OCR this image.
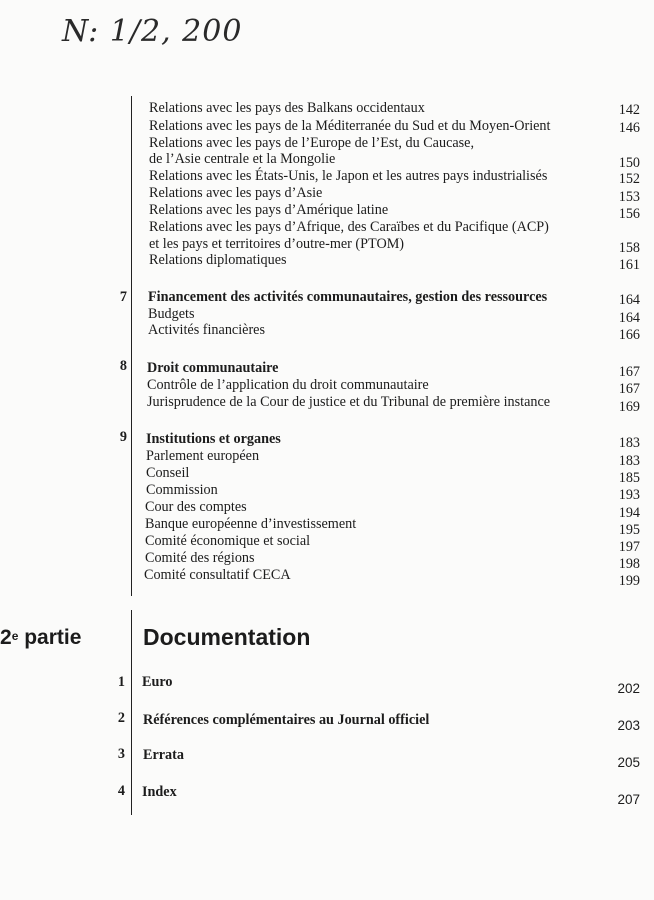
N: 1/2, 200
Relations avec les pays des Balkans occidentaux	142
Relations avec les pays de la Méditerranée du Sud et du Moyen-Orient	146
Relations avec les pays de l’Europe de l’Est, du Caucase,
de l’Asie centrale et la Mongolie	150
Relations avec les États-Unis, le Japon et les autres pays industrialisés	152
Relations avec les pays d’Asie	153
Relations avec les pays d’Amérique latine	156
Relations avec les pays d’Afrique, des Caraïbes et du Pacifique (ACP)
et les pays et territoires d’outre-mer (PTOM)	158
Relations diplomatiques	161
7 Financement des activités communautaires, gestion des ressources	164
Budgets	164
Activités financières	166
8 Droit communautaire	167
Contrôle de l’application du droit communautaire	167
Jurisprudence de la Cour de justice et du Tribunal de première instance	169
9 Institutions et organes	183
Parlement européen	183
Conseil	185
Commission	193
Cour des comptes	194
Banque européenne d’investissement	195
Comité économique et social	197
Comité des régions	198
Comité consultatif CECA	199
2e partie	Documentation
1 Euro	202
2 Références complémentaires au Journal officiel	203
3 Errata	205
4 Index	207
